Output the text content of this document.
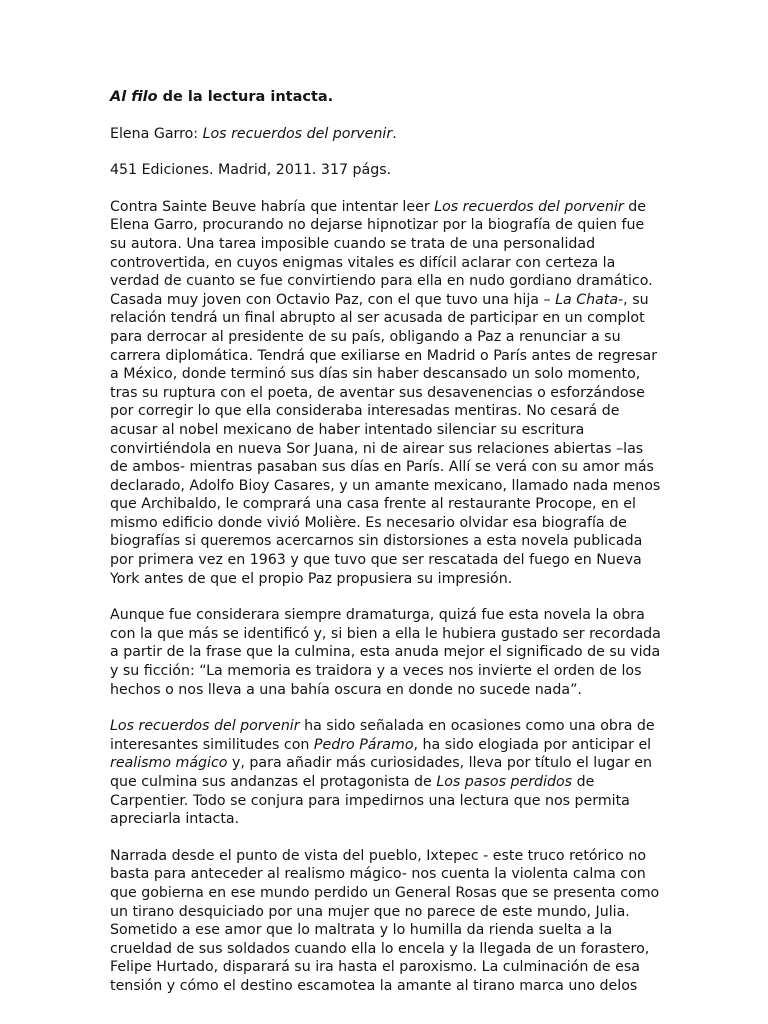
Al filo de la lectura intacta.

Elena Garro: Los recuerdos del porvenir.

451 Ediciones. Madrid, 2011. 317 págs.

Contra Sainte Beuve habría que intentar leer Los recuerdos del porvenir de Elena Garro, procurando no dejarse hipnotizar por la biografía de quien fue su autora. Una tarea imposible cuando se trata de una personalidad controvertida, en cuyos enigmas vitales es difícil aclarar con certeza la verdad de cuanto se fue convirtiendo para ella en nudo gordiano dramático. Casada muy joven con Octavio Paz, con el que tuvo una hija – La Chata-, su relación tendrá un final abrupto al ser acusada de participar en un complot para derrocar al presidente de su país, obligando a Paz a renunciar a su carrera diplomática. Tendrá que exiliarse en Madrid o París antes de regresar a México, donde terminó sus días sin haber descansado un solo momento, tras su ruptura con el poeta, de aventar sus desavenencias o esforzándose por corregir lo que ella consideraba interesadas mentiras. No cesará de acusar al nobel mexicano de haber intentado silenciar su escritura convirtiéndola en nueva Sor Juana, ni de airear sus relaciones abiertas –las de ambos- mientras pasaban sus días en París. Allí se verá con su amor más declarado, Adolfo Bioy Casares, y un amante mexicano, llamado nada menos que Archibaldo, le comprará una casa frente al restaurante Procope, en el mismo edificio donde vivió Molière. Es necesario olvidar esa biografía de biografías si queremos acercarnos sin distorsiones a esta novela publicada por primera vez en 1963 y que tuvo que ser rescatada del fuego en Nueva York antes de que el propio Paz propusiera su impresión.

Aunque fue considerara siempre dramaturga, quizá fue esta novela la obra con la que más se identificó y, si bien a ella le hubiera gustado ser recordada a partir de la frase que la culmina, esta anuda mejor el significado de su vida y su ficción: “La memoria es traidora y a veces nos invierte el orden de los hechos o nos lleva a una bahía oscura en donde no sucede nada”.

Los recuerdos del porvenir ha sido señalada en ocasiones como una obra de interesantes similitudes con Pedro Páramo, ha sido elogiada por anticipar el realismo mágico y, para añadir más curiosidades, lleva por título el lugar en que culmina sus andanzas el protagonista de Los pasos perdidos de Carpentier. Todo se conjura para impedirnos una lectura que nos permita apreciarla intacta.

Narrada desde el punto de vista del pueblo, Ixtepec - este truco retórico no basta para anteceder al realismo mágico- nos cuenta la violenta calma con que gobierna en ese mundo perdido un General Rosas que se presenta como un tirano desquiciado por una mujer que no parece de este mundo, Julia. Sometido a ese amor que lo maltrata y lo humilla da rienda suelta a la crueldad de sus soldados cuando ella lo encela y la llegada de un forastero, Felipe Hurtado, disparará su ira hasta el paroxismo. La culminación de esa tensión y cómo el destino escamotea la amante al tirano marca uno delos
